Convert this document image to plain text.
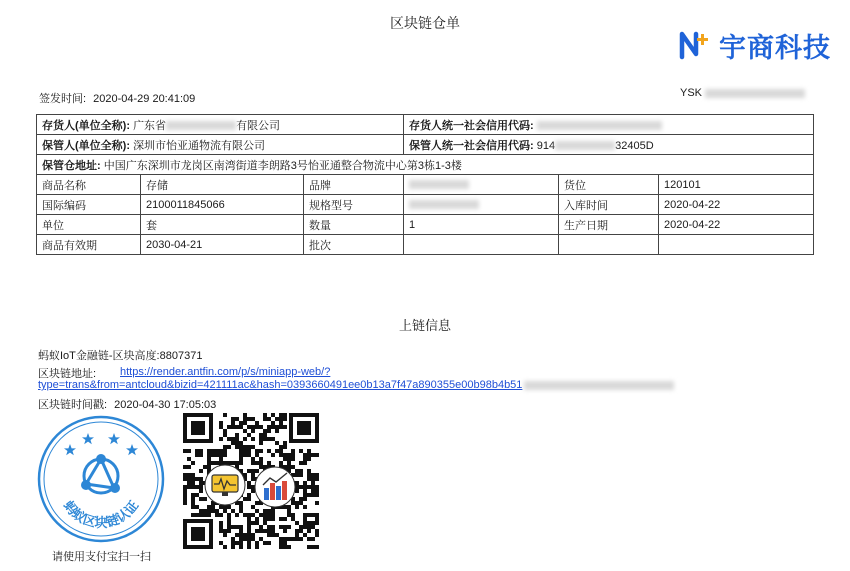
区块链仓单
宇商科技
签发时间: 2020-04-29 20:41:09	YSK
存货人(单位全称): 广东省 有限公司			存货人统一社会信用代码:		
保管人(单位全称): 深圳市怡亚通物流有限公司			保管人统一社会信用代码: 914 32405D		
保管仓地址: 中国广东深圳市龙岗区南湾街道李朗路3号怡亚通整合物流中心第3栋1-3楼					
商品名称	存储	品牌		货位	120101
国际编码	2100011845066	规格型号		入库时间	2020-04-22
单位	套	数量	1	生产日期	2020-04-22
商品有效期	2030-04-21	批次			
上链信息
蚂蚁IoT金融链-区块高度:8807371
区块链地址: https://render.antfin.com/p/s/miniapp-web/?
type=trans&from=antcloud&bizid=421111ac&hash=0393660491ee0b13a7f47a890355e00b98b4b51
区块链时间戳: 2020-04-30 17:05:03
蚂蚁区块链认证
请使用支付宝扫一扫
